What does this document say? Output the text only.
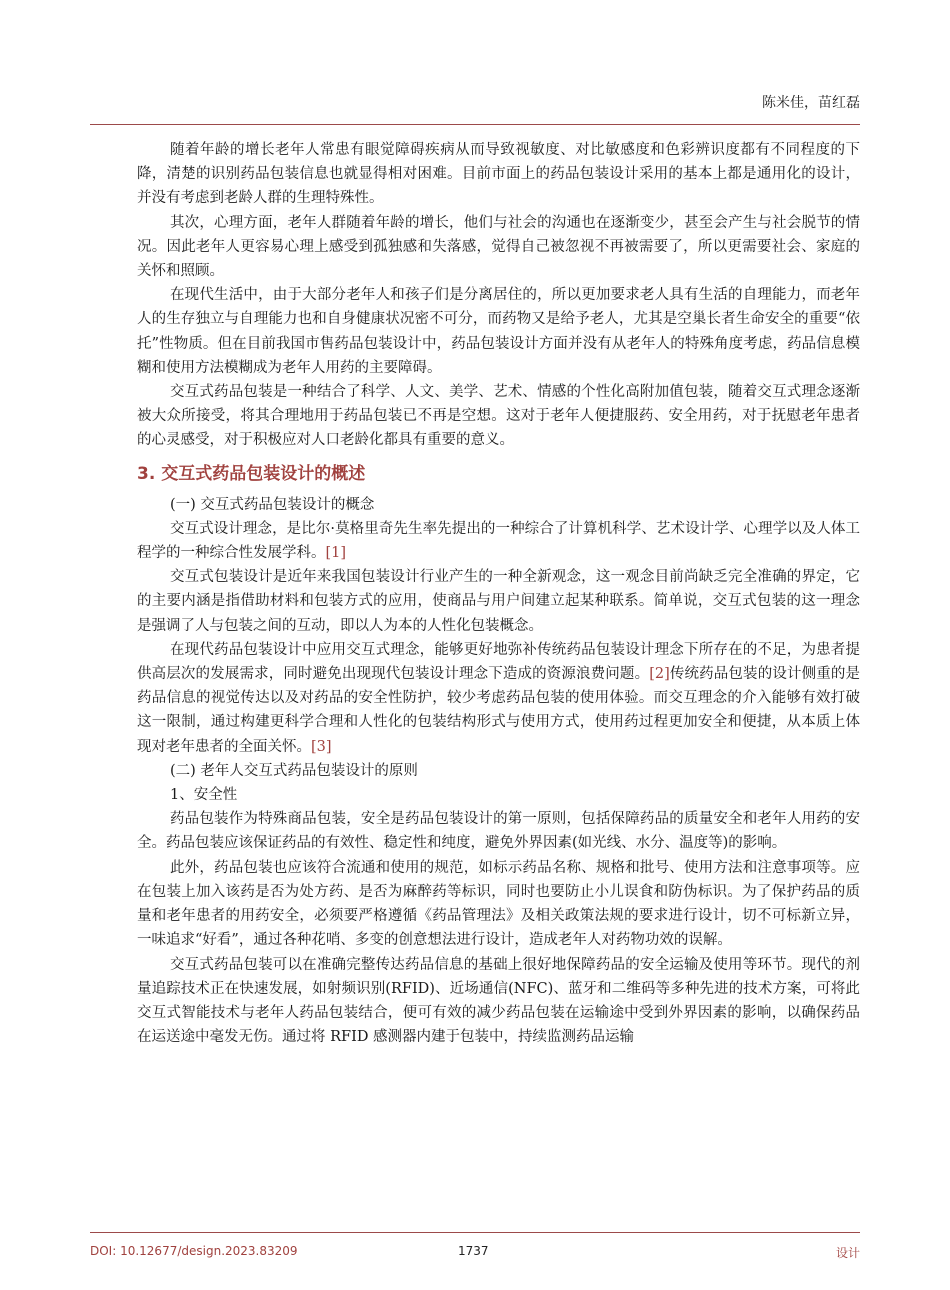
陈米佳，苗红磊

随着年龄的增长老年人常患有眼觉障碍疾病从而导致视敏度、对比敏感度和色彩辨识度都有不同程度的下降，清楚的识别药品包装信息也就显得相对困难。目前市面上的药品包装设计采用的基本上都是通用化的设计，并没有考虑到老龄人群的生理特殊性。

其次，心理方面，老年人群随着年龄的增长，他们与社会的沟通也在逐渐变少，甚至会产生与社会脱节的情况。因此老年人更容易心理上感受到孤独感和失落感，觉得自己被忽视不再被需要了，所以更需要社会、家庭的关怀和照顾。

在现代生活中，由于大部分老年人和孩子们是分离居住的，所以更加要求老人具有生活的自理能力，而老年人的生存独立与自理能力也和自身健康状况密不可分，而药物又是给予老人，尤其是空巢长者生命安全的重要“依托”性物质。但在目前我国市售药品包装设计中，药品包装设计方面并没有从老年人的特殊角度考虑，药品信息模糊和使用方法模糊成为老年人用药的主要障碍。

交互式药品包装是一种结合了科学、人文、美学、艺术、情感的个性化高附加值包装，随着交互式理念逐渐被大众所接受，将其合理地用于药品包装已不再是空想。这对于老年人便捷服药、安全用药，对于抚慰老年患者的心灵感受，对于积极应对人口老龄化都具有重要的意义。

3. 交互式药品包装设计的概述

(一) 交互式药品包装设计的概念

交互式设计理念，是比尔·莫格里奇先生率先提出的一种综合了计算机科学、艺术设计学、心理学以及人体工程学的一种综合性发展学科。[1]

交互式包装设计是近年来我国包装设计行业产生的一种全新观念，这一观念目前尚缺乏完全准确的界定，它的主要内涵是指借助材料和包装方式的应用，使商品与用户间建立起某种联系。简单说，交互式包装的这一理念是强调了人与包装之间的互动，即以人为本的人性化包装概念。

在现代药品包装设计中应用交互式理念，能够更好地弥补传统药品包装设计理念下所存在的不足，为患者提供高层次的发展需求，同时避免出现现代包装设计理念下造成的资源浪费问题。[2]传统药品包装的设计侧重的是药品信息的视觉传达以及对药品的安全性防护，较少考虑药品包装的使用体验。而交互理念的介入能够有效打破这一限制，通过构建更科学合理和人性化的包装结构形式与使用方式，使用药过程更加安全和便捷，从本质上体现对老年患者的全面关怀。[3]

(二) 老年人交互式药品包装设计的原则

1、安全性

药品包装作为特殊商品包装，安全是药品包装设计的第一原则，包括保障药品的质量安全和老年人用药的安全。药品包装应该保证药品的有效性、稳定性和纯度，避免外界因素(如光线、水分、温度等)的影响。

此外，药品包装也应该符合流通和使用的规范，如标示药品名称、规格和批号、使用方法和注意事项等。应在包装上加入该药是否为处方药、是否为麻醉药等标识，同时也要防止小儿误食和防伪标识。为了保护药品的质量和老年患者的用药安全，必须要严格遵循《药品管理法》及相关政策法规的要求进行设计，切不可标新立异，一味追求“好看”，通过各种花哨、多变的创意想法进行设计，造成老年人对药物功效的误解。

交互式药品包装可以在准确完整传达药品信息的基础上很好地保障药品的安全运输及使用等环节。现代的剂量追踪技术正在快速发展，如射频识别(RFID)、近场通信(NFC)、蓝牙和二维码等多种先进的技术方案，可将此交互式智能技术与老年人药品包装结合，便可有效的减少药品包装在运输途中受到外界因素的影响，以确保药品在运送途中毫发无伤。通过将 RFID 感测器内建于包装中，持续监测药品运输

DOI: 10.12677/design.2023.83209	1737	设计
